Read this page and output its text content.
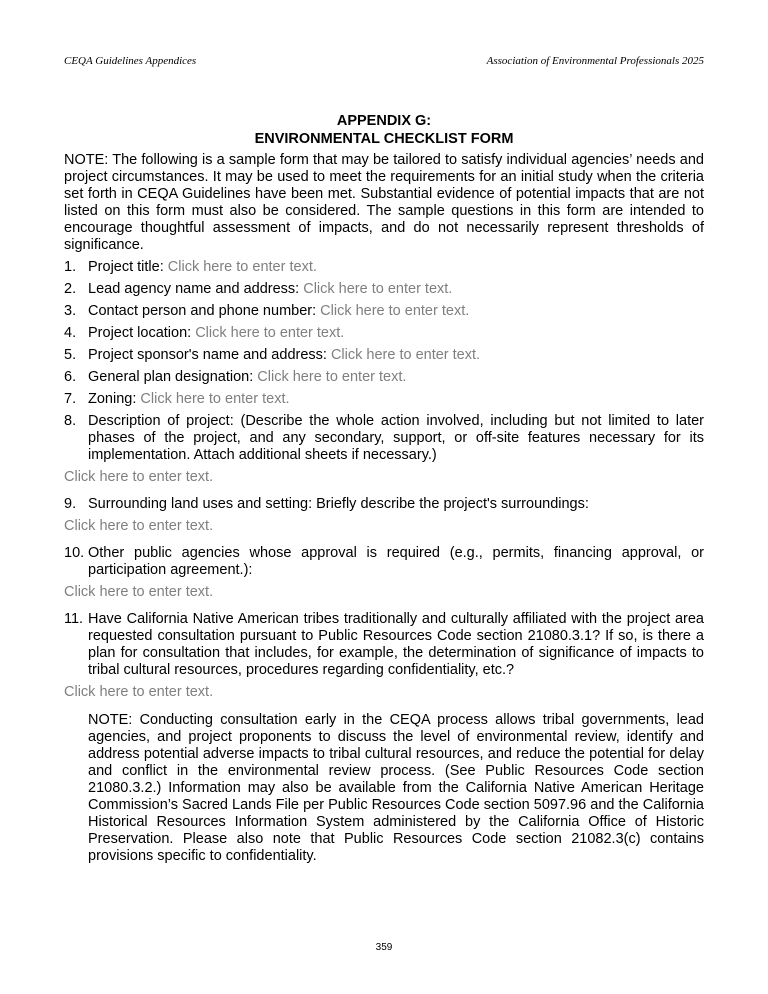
CEQA Guidelines Appendices	Association of Environmental Professionals 2025
APPENDIX G:
ENVIRONMENTAL CHECKLIST FORM

NOTE: The following is a sample form that may be tailored to satisfy individual agencies’ needs and project circumstances. It may be used to meet the requirements for an initial study when the criteria set forth in CEQA Guidelines have been met. Substantial evidence of potential impacts that are not listed on this form must also be considered. The sample questions in this form are intended to encourage thoughtful assessment of impacts, and do not necessarily represent thresholds of significance.

1. Project title: Click here to enter text.
2. Lead agency name and address: Click here to enter text.
3. Contact person and phone number: Click here to enter text.
4. Project location: Click here to enter text.
5. Project sponsor's name and address: Click here to enter text.
6. General plan designation: Click here to enter text.
7. Zoning: Click here to enter text.
8. Description of project: (Describe the whole action involved, including but not limited to later phases of the project, and any secondary, support, or off-site features necessary for its implementation. Attach additional sheets if necessary.)
Click here to enter text.
9. Surrounding land uses and setting: Briefly describe the project's surroundings:
Click here to enter text.
10. Other public agencies whose approval is required (e.g., permits, financing approval, or participation agreement.):
Click here to enter text.
11. Have California Native American tribes traditionally and culturally affiliated with the project area requested consultation pursuant to Public Resources Code section 21080.3.1? If so, is there a plan for consultation that includes, for example, the determination of significance of impacts to tribal cultural resources, procedures regarding confidentiality, etc.?
Click here to enter text.
NOTE: Conducting consultation early in the CEQA process allows tribal governments, lead agencies, and project proponents to discuss the level of environmental review, identify and address potential adverse impacts to tribal cultural resources, and reduce the potential for delay and conflict in the environmental review process. (See Public Resources Code section 21080.3.2.) Information may also be available from the California Native American Heritage Commission’s Sacred Lands File per Public Resources Code section 5097.96 and the California Historical Resources Information System administered by the California Office of Historic Preservation. Please also note that Public Resources Code section 21082.3(c) contains provisions specific to confidentiality.
359
